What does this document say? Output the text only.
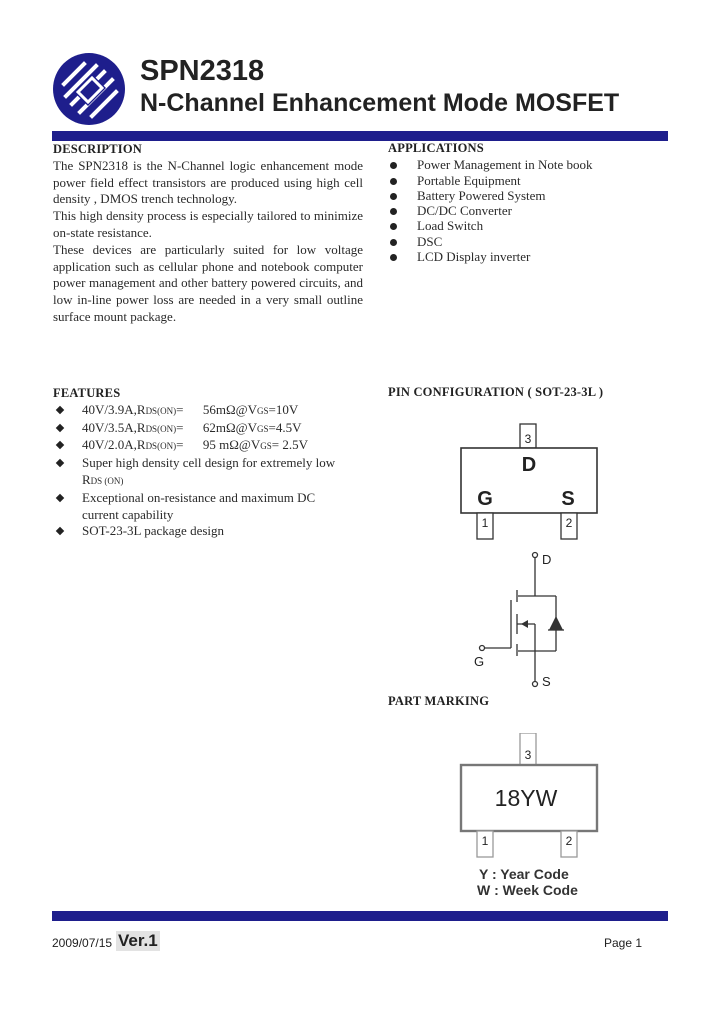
SPN2318
N-Channel Enhancement Mode MOSFET
DESCRIPTION

The SPN2318 is the N-Channel logic enhancement mode power field effect transistors are produced using high cell density , DMOS trench technology.

This high density process is especially tailored to minimize on-state resistance.

These devices are particularly suited for low voltage application such as cellular phone and notebook computer power management and other battery powered circuits, and low in-line power loss are needed in a very small outline surface mount package.

APPLICATIONS
Power Management in Note book
Portable Equipment
Battery Powered System
DC/DC Converter
Load Switch
DSC
LCD Display inverter
FEATURES
40V/3.9A,RDS(ON)=      56mΩ@VGS=10V
40V/3.5A,RDS(ON)=      62mΩ@VGS=4.5V
40V/2.0A,RDS(ON)=      95 mΩ@VGS= 2.5V
Super high density cell design for extremely low RDS (ON)
Exceptional on-resistance and maximum DC current capability
SOT-23-3L package design
PIN CONFIGURATION ( SOT-23-3L )
3
D
G	S
1	2
D
G
S
PART MARKING
3
18YW
1	2
Y : Year Code
W : Week Code
2009/07/15 Ver.1	Page 1
